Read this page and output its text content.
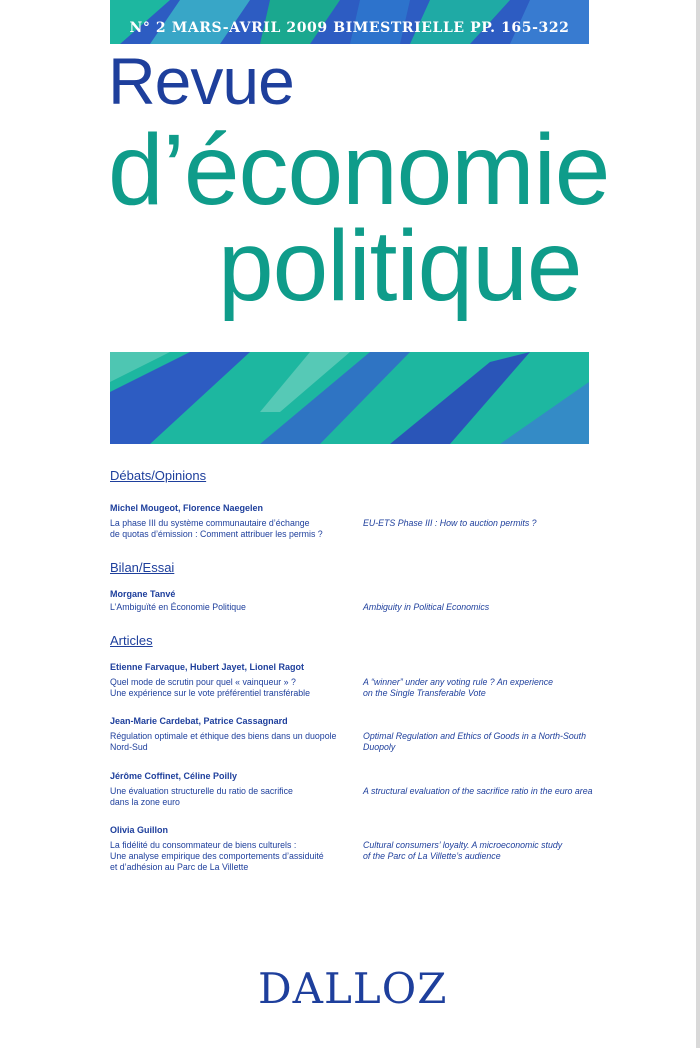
N° 2 MARS-AVRIL 2009 BIMESTRIELLE PP. 165-322
Revue
d’économie
politique
Débats/Opinions
Michel Mougeot, Florence Naegelen
La phase III du système communautaire d’échange
de quotas d’émission : Comment attribuer les permis ?
EU-ETS Phase III : How to auction permits ?
Bilan/Essai
Morgane Tanvé
L’Ambiguïté en Économie Politique	Ambiguity in Political Economics
Articles
Etienne Farvaque, Hubert Jayet, Lionel Ragot
Quel mode de scrutin pour quel « vainqueur » ?
Une expérience sur le vote préférentiel transférable
A “winner” under any voting rule ? An experience
on the Single Transferable Vote
Jean-Marie Cardebat, Patrice Cassagnard
Régulation optimale et éthique des biens dans un duopole
Nord-Sud
Optimal Regulation and Ethics of Goods in a North-South
Duopoly
Jérôme Coffinet, Céline Poilly
Une évaluation structurelle du ratio de sacrifice
dans la zone euro
A structural evaluation of the sacrifice ratio in the euro area
Olivia Guillon
La fidélité du consommateur de biens culturels :
Une analyse empirique des comportements d’assiduité
et d’adhésion au Parc de La Villette
Cultural consumers’ loyalty. A microeconomic study
of the Parc of La Villette’s audience
DALLOZ
